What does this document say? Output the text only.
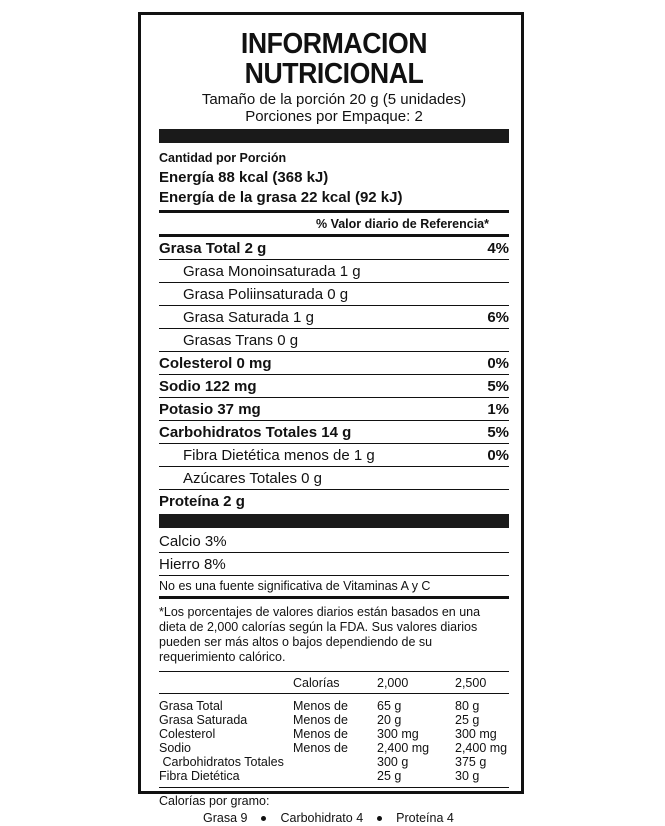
INFORMACION NUTRICIONAL
Tamaño de la porción 20 g (5 unidades)
Porciones por Empaque: 2
Cantidad por Porción
Energía 88 kcal (368 kJ)
Energía de la grasa 22 kcal (92 kJ)
% Valor diario de Referencia*
Grasa Total 2 g	4%
Grasa Monoinsaturada 1 g
Grasa Poliinsaturada 0 g
Grasa Saturada 1 g	6%
Grasas Trans 0 g
Colesterol 0 mg	0%
Sodio 122 mg	5%
Potasio 37 mg	1%
Carbohidratos Totales 14 g	5%
Fibra Dietética menos de 1 g	0%
Azúcares Totales 0 g
Proteína 2 g
Calcio 3%
Hierro 8%
No es una fuente significativa de Vitaminas A y C
*Los porcentajes de valores diarios están basados en una dieta de 2,000 calorías según la FDA. Sus valores diarios pueden ser más altos o bajos dependiendo de su requerimiento calórico.
	Calorías	2,000	2,500
Grasa Total	Menos de	65 g	80 g
Grasa Saturada	Menos de	20 g	25 g
Colesterol	Menos de	300 mg	300 mg
Sodio	Menos de	2,400 mg	2,400 mg
Carbohidratos Totales		300 g	375 g
Fibra Dietética		25 g	30 g
Calorías por gramo:
Grasa 9	Carbohidrato 4	Proteína 4
